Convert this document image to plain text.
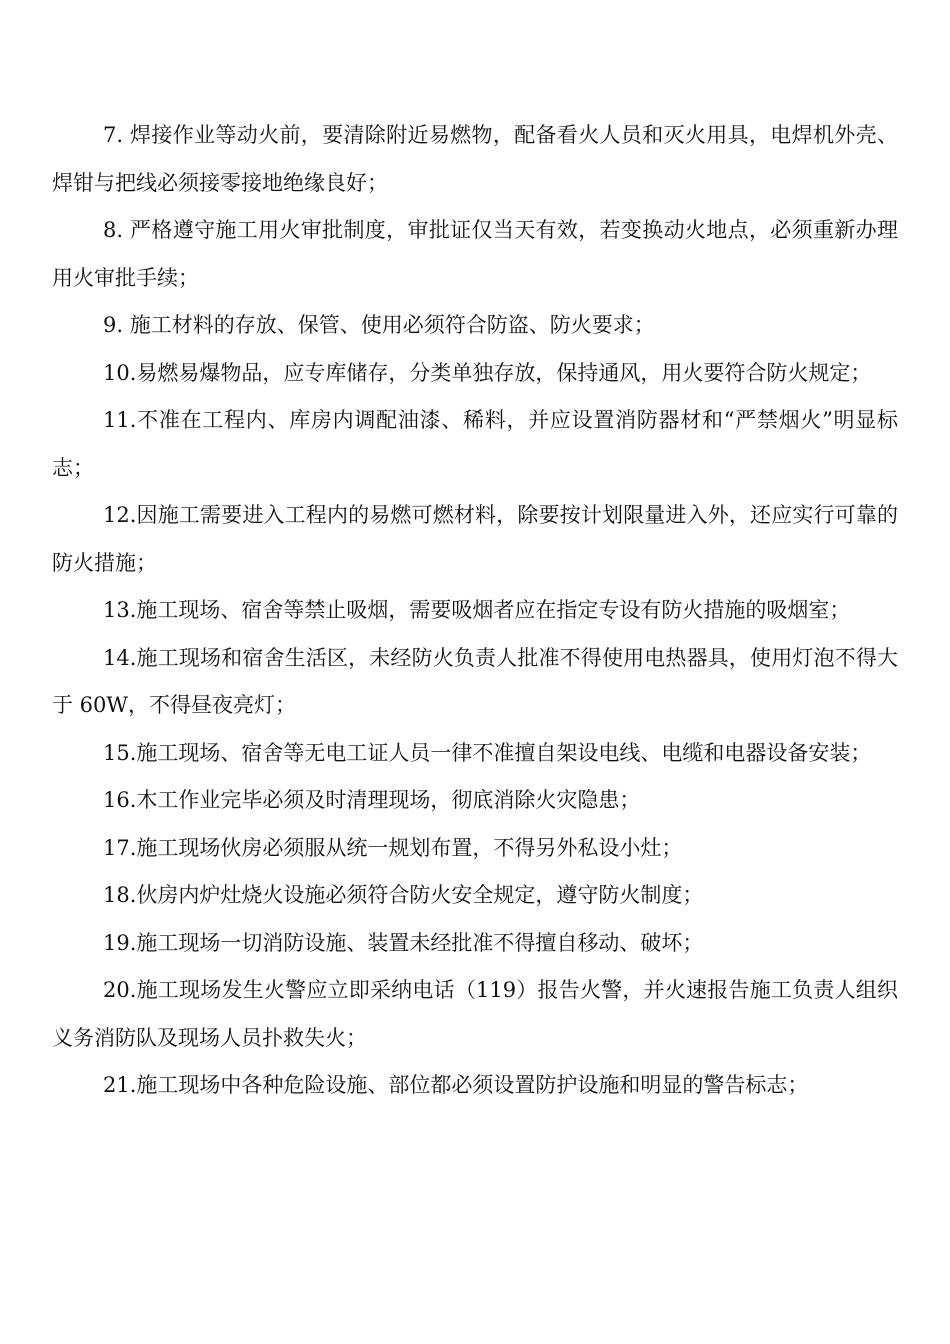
7. 焊接作业等动火前，要清除附近易燃物，配备看火人员和灭火用具，电焊机外壳、焊钳与把线必须接零接地绝缘良好；

8. 严格遵守施工用火审批制度，审批证仅当天有效，若变换动火地点，必须重新办理用火审批手续；

9. 施工材料的存放、保管、使用必须符合防盗、防火要求；

10.易燃易爆物品，应专库储存，分类单独存放，保持通风，用火要符合防火规定；

11.不准在工程内、库房内调配油漆、稀料，并应设置消防器材和“严禁烟火”明显标志；

12.因施工需要进入工程内的易燃可燃材料，除要按计划限量进入外，还应实行可靠的防火措施；

13.施工现场、宿舍等禁止吸烟，需要吸烟者应在指定专设有防火措施的吸烟室；

14.施工现场和宿舍生活区，未经防火负责人批准不得使用电热器具，使用灯泡不得大于 60W，不得昼夜亮灯；

15.施工现场、宿舍等无电工证人员一律不准擅自架设电线、电缆和电器设备安装；

16.木工作业完毕必须及时清理现场，彻底消除火灾隐患；

17.施工现场伙房必须服从统一规划布置，不得另外私设小灶；

18.伙房内炉灶烧火设施必须符合防火安全规定，遵守防火制度；

19.施工现场一切消防设施、装置未经批准不得擅自移动、破坏；

20.施工现场发生火警应立即采纳电话（119）报告火警，并火速报告施工负责人组织义务消防队及现场人员扑救失火；

21.施工现场中各种危险设施、部位都必须设置防护设施和明显的警告标志；
